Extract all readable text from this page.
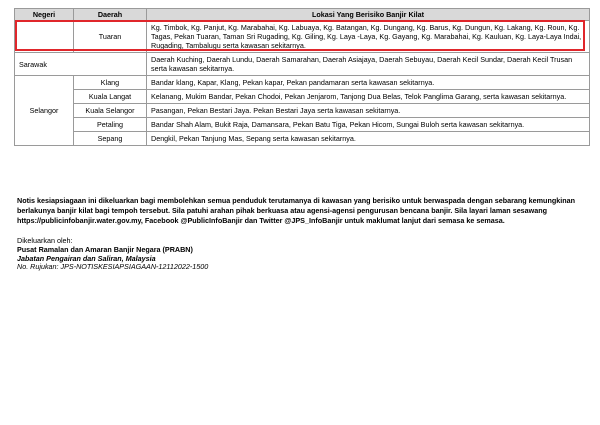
Negeri	Daerah	Lokasi Yang Berisiko Banjir Kilat
	Tuaran	Kg. Timbok, Kg. Panjut, Kg. Marabahai, Kg. Labuaya, Kg. Batangan, Kg. Dungang, Kg. Barus, Kg. Dungun, Kg. Lakang, Kg. Roun, Kg. Tagas, Pekan Tuaran, Taman Sri Rugading, Kg. Giling, Kg. Laya -Laya, Kg. Gayang, Kg. Marabahai, Kg. Kauluan, Kg. Laya-Laya Indai, Rugading, Tambalugu serta kawasan sekitarnya.
Sarawak		Daerah Kuching, Daerah Lundu, Daerah Samarahan, Daerah Asiajaya, Daerah Sebuyau, Daerah Kecil Sundar, Daerah Kecil Trusan serta kawasan sekitarnya.
Selangor	Klang	Bandar klang, Kapar, Klang, Pekan kapar, Pekan pandamaran serta kawasan sekitarnya.
	Kuala Langat	Kelanang, Mukim Bandar, Pekan Chodoi, Pekan Jenjarom, Tanjong Dua Belas, Telok Panglima Garang, serta kawasan sekitarnya.
	Kuala Selangor	Pasangan, Pekan Bestari Jaya. Pekan Bestari Jaya serta kawasan sekitarnya.
	Petaling	Bandar Shah Alam, Bukit Raja, Damansara, Pekan Batu Tiga, Pekan Hicom, Sungai Buloh serta kawasan sekitarnya.
	Sepang	Dengkil, Pekan Tanjung Mas, Sepang serta kawasan sekitarnya.
Notis kesiapsiagaan ini dikeluarkan bagi membolehkan semua penduduk terutamanya di kawasan yang berisiko untuk berwaspada dengan sebarang kemungkinan berlakunya banjir kilat bagi tempoh tersebut. Sila patuhi arahan pihak berkuasa atau agensi-agensi pengurusan bencana banjir. Sila layari laman sesawang https://publicinfobanjir.water.gov.my, Facebook @PublicInfoBanjir dan Twitter @JPS_InfoBanjir untuk maklumat lanjut dari semasa ke semasa.
Dikeluarkan oleh:
Pusat Ramalan dan Amaran Banjir Negara (PRABN)
Jabatan Pengairan dan Saliran, Malaysia
No. Rujukan: JPS-NOTISKESIAPSIAGAAN-12112022-1500
